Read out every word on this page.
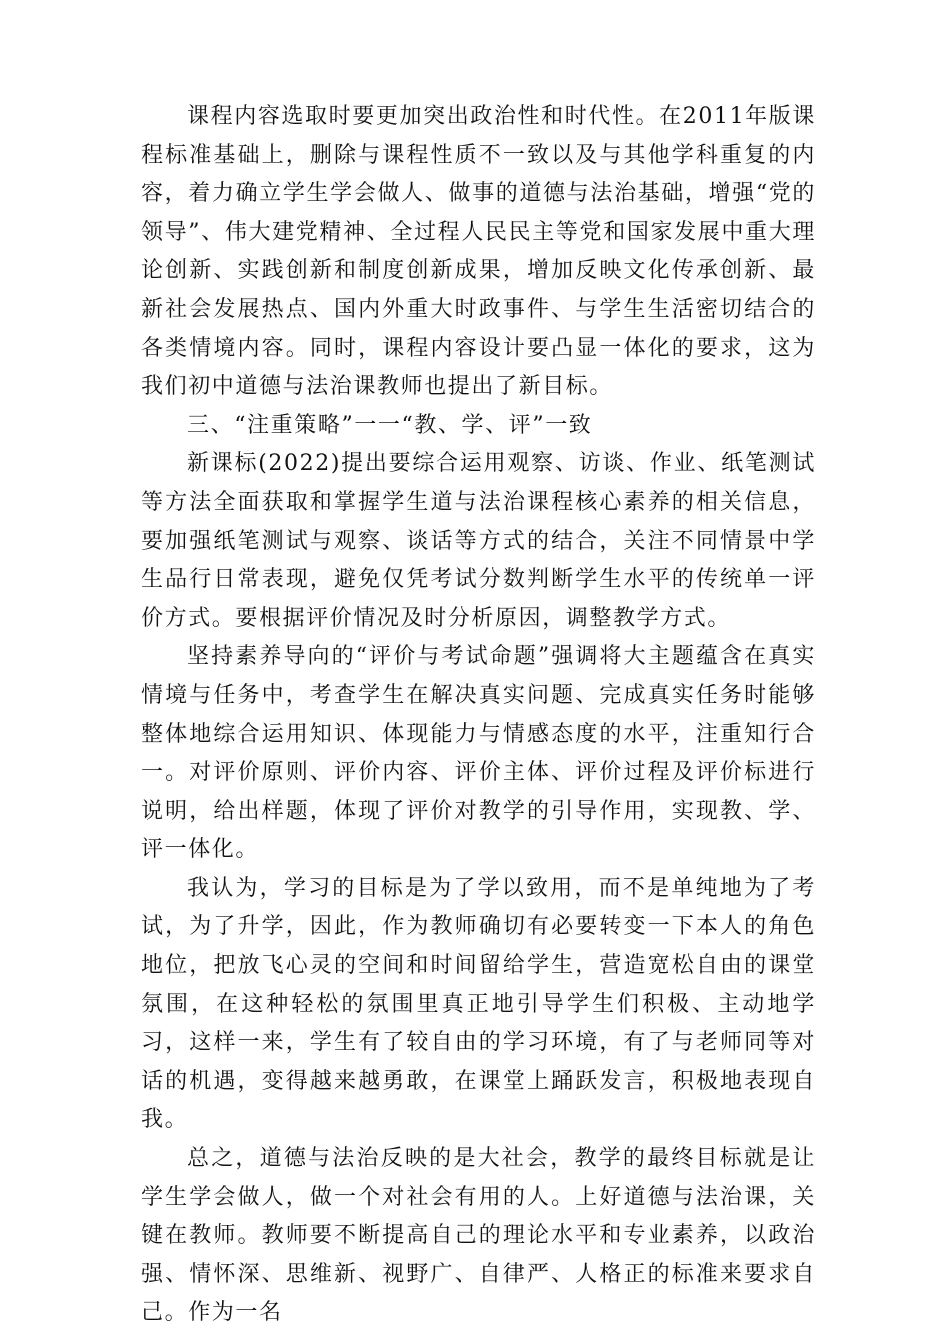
课程内容选取时要更加突出政治性和时代性。在2011年版课程标准基础上，删除与课程性质不一致以及与其他学科重复的内容，着力确立学生学会做人、做事的道德与法治基础，增强“党的领导”、伟大建党精神、全过程人民民主等党和国家发展中重大理论创新、实践创新和制度创新成果，增加反映文化传承创新、最新社会发展热点、国内外重大时政事件、与学生生活密切结合的各类情境内容。同时，课程内容设计要凸显一体化的要求，这为我们初中道德与法治课教师也提出了新目标。

三、“注重策略”一一“教、学、评”一致

新课标(2022)提出要综合运用观察、访谈、作业、纸笔测试等方法全面获取和掌握学生道与法治课程核心素养的相关信息，要加强纸笔测试与观察、谈话等方式的结合，关注不同情景中学生品行日常表现，避免仅凭考试分数判断学生水平的传统单一评价方式。要根据评价情况及时分析原因，调整教学方式。

坚持素养导向的“评价与考试命题”强调将大主题蕴含在真实情境与任务中，考查学生在解决真实问题、完成真实任务时能够整体地综合运用知识、体现能力与情感态度的水平，注重知行合一。对评价原则、评价内容、评价主体、评价过程及评价标进行说明，给出样题，体现了评价对教学的引导作用，实现教、学、评一体化。

我认为，学习的目标是为了学以致用，而不是单纯地为了考试，为了升学，因此，作为教师确切有必要转变一下本人的角色地位，把放飞心灵的空间和时间留给学生，营造宽松自由的课堂氛围，在这种轻松的氛围里真正地引导学生们积极、主动地学习，这样一来，学生有了较自由的学习环境，有了与老师同等对话的机遇，变得越来越勇敢，在课堂上踊跃发言，积极地表现自我。

总之，道德与法治反映的是大社会，教学的最终目标就是让学生学会做人，做一个对社会有用的人。上好道德与法治课，关键在教师。教师要不断提高自己的理论水平和专业素养，以政治强、情怀深、思维新、视野广、自律严、人格正的标准来要求自己。作为一名
